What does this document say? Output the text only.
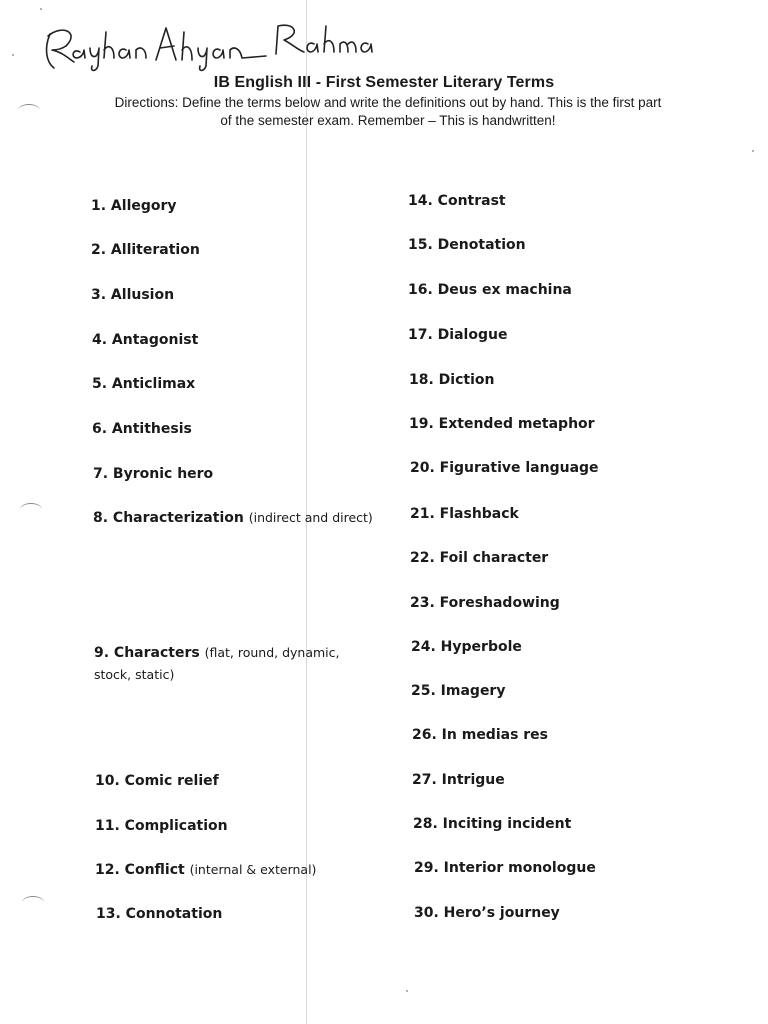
IB English III - First Semester Literary Terms
Directions: Define the terms below and write the definitions out by hand. This is the first part
of the semester exam. Remember – This is handwritten!
1. Allegory
2. Alliteration
3. Allusion
4. Antagonist
5. Anticlimax
6. Antithesis
7. Byronic hero
8. Characterization (indirect and direct)
9. Characters (flat, round, dynamic, stock, static)
10. Comic relief
11. Complication
12. Conflict (internal & external)
13. Connotation
14. Contrast
15. Denotation
16. Deus ex machina
17. Dialogue
18. Diction
19. Extended metaphor
20. Figurative language
21. Flashback
22. Foil character
23. Foreshadowing
24. Hyperbole
25. Imagery
26. In medias res
27. Intrigue
28. Inciting incident
29. Interior monologue
30. Hero’s journey
